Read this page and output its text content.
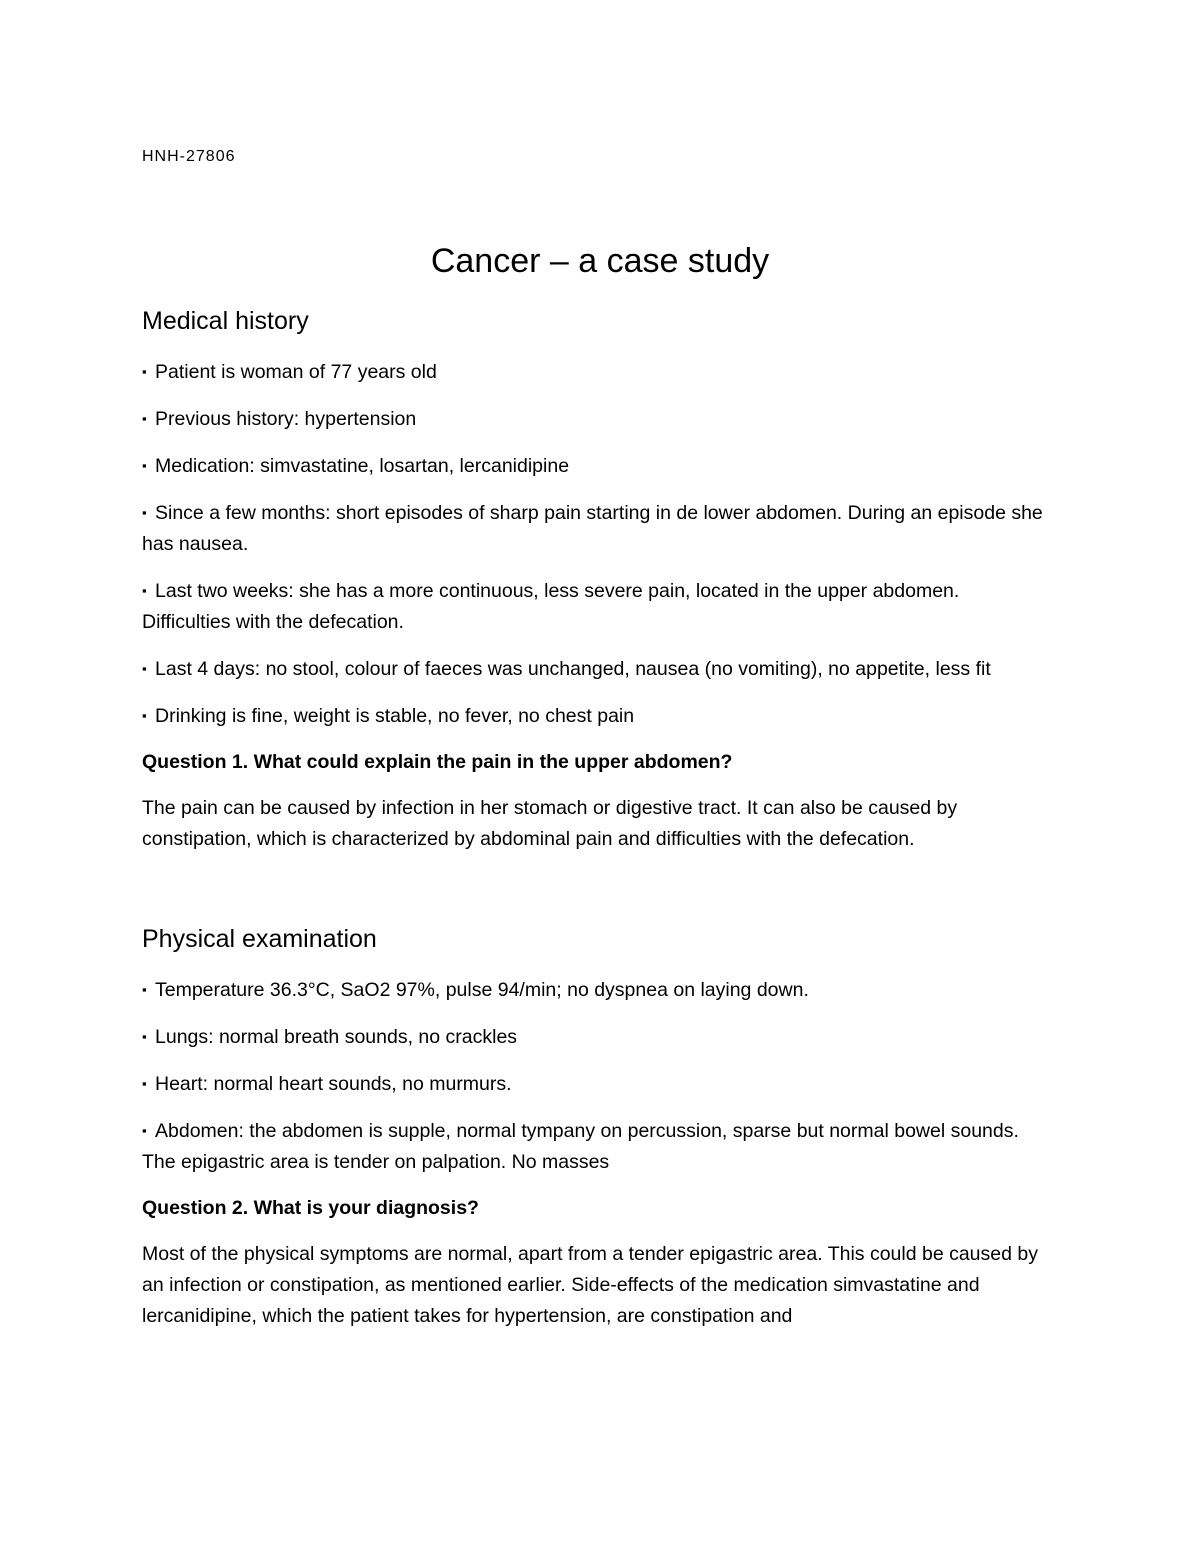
HNH-27806
Cancer – a case study
Medical history

▪Patient is woman of 77 years old

▪Previous history: hypertension

▪Medication: simvastatine, losartan, lercanidipine

▪Since a few months: short episodes of sharp pain starting in de lower abdomen. During an episode she has nausea.

▪Last two weeks: she has a more continuous, less severe pain, located in the upper abdomen. Difficulties with the defecation.

▪Last 4 days: no stool, colour of faeces was unchanged, nausea (no vomiting), no appetite, less fit

▪Drinking is fine, weight is stable, no fever, no chest pain

Question 1. What could explain the pain in the upper abdomen?

The pain can be caused by infection in her stomach or digestive tract. It can also be caused by constipation, which is characterized by abdominal pain and difficulties with the defecation.

Physical examination

▪Temperature 36.3°C, SaO2 97%, pulse 94/min; no dyspnea on laying down.

▪Lungs: normal breath sounds, no crackles

▪Heart: normal heart sounds, no murmurs.

▪Abdomen: the abdomen is supple, normal tympany on percussion, sparse but normal bowel sounds. The epigastric area is tender on palpation. No masses

Question 2. What is your diagnosis?

Most of the physical symptoms are normal, apart from a tender epigastric area. This could be caused by an infection or constipation, as mentioned earlier. Side-effects of the medication simvastatine and lercanidipine, which the patient takes for hypertension, are constipation and
